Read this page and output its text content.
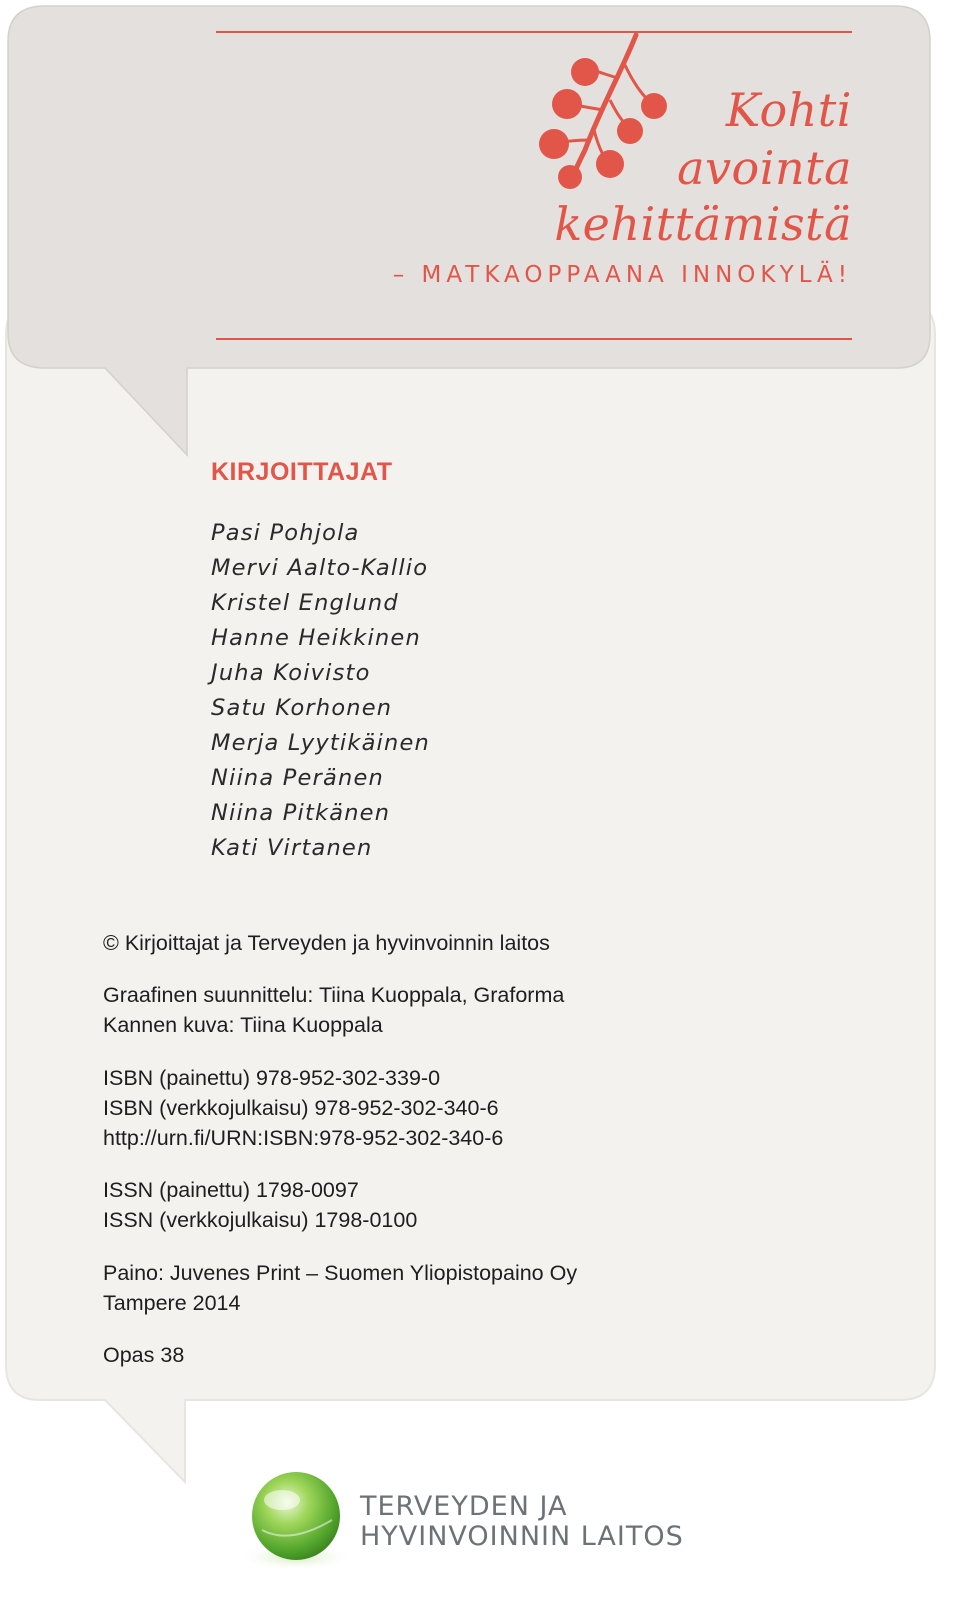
Kohti
avointa
kehittämistä
– MATKAOPPAANA INNOKYLÄ!
KIRJOITTAJAT
Pasi Pohjola
Mervi Aalto-Kallio
Kristel Englund
Hanne Heikkinen
Juha Koivisto
Satu Korhonen
Merja Lyytikäinen
Niina Peränen
Niina Pitkänen
Kati Virtanen

© Kirjoittajat ja Terveyden ja hyvinvoinnin laitos

Graafinen suunnittelu: Tiina Kuoppala, Graforma

Kannen kuva: Tiina Kuoppala

ISBN (painettu) 978-952-302-339-0

ISBN (verkkojulkaisu) 978-952-302-340-6

http://urn.fi/URN:ISBN:978-952-302-340-6

ISSN (painettu) 1798-0097

ISSN (verkkojulkaisu) 1798-0100

Paino: Juvenes Print – Suomen Yliopistopaino Oy

Tampere 2014

Opas 38

TERVEYDEN JA
HYVINVOINNIN LAITOS
